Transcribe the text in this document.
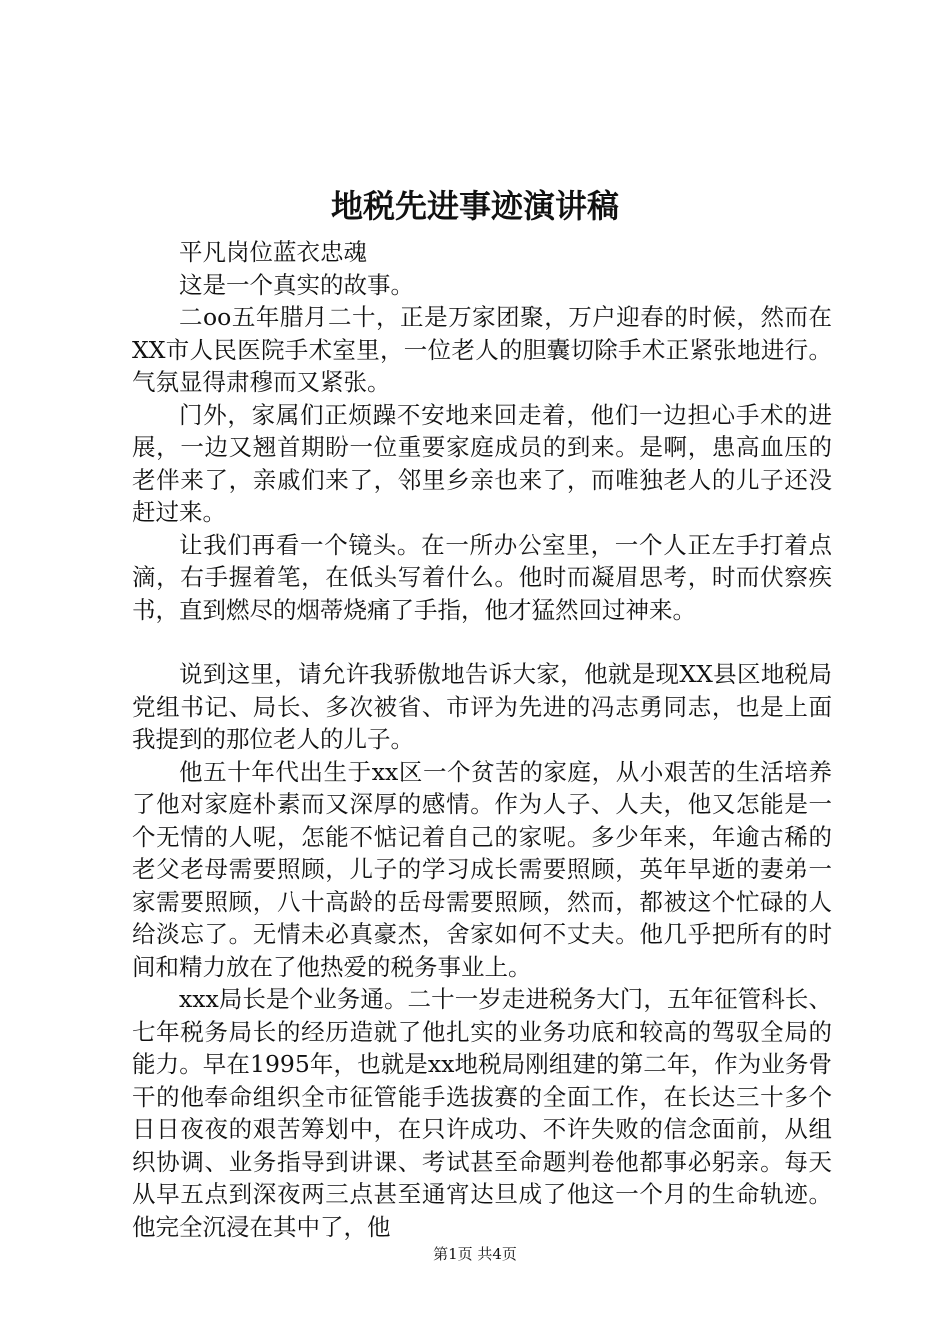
地税先进事迹演讲稿

平凡岗位蓝衣忠魂

这是一个真实的故事。

二oo五年腊月二十，正是万家团聚，万户迎春的时候，然而在XX市人民医院手术室里，一位老人的胆囊切除手术正紧张地进行。气氛显得肃穆而又紧张。

门外，家属们正烦躁不安地来回走着，他们一边担心手术的进展，一边又翘首期盼一位重要家庭成员的到来。是啊，患高血压的老伴来了，亲戚们来了，邻里乡亲也来了，而唯独老人的儿子还没赶过来。

让我们再看一个镜头。在一所办公室里，一个人正左手打着点滴，右手握着笔，在低头写着什么。他时而凝眉思考，时而伏察疾书，直到燃尽的烟蒂烧痛了手指，他才猛然回过神来。

说到这里，请允许我骄傲地告诉大家，他就是现XX县区地税局党组书记、局长、多次被省、市评为先进的冯志勇同志，也是上面我提到的那位老人的儿子。

他五十年代出生于xx区一个贫苦的家庭，从小艰苦的生活培养了他对家庭朴素而又深厚的感情。作为人子、人夫，他又怎能是一个无情的人呢，怎能不惦记着自己的家呢。多少年来，年逾古稀的老父老母需要照顾，儿子的学习成长需要照顾，英年早逝的妻弟一家需要照顾，八十高龄的岳母需要照顾，然而，都被这个忙碌的人给淡忘了。无情未必真豪杰，舍家如何不丈夫。他几乎把所有的时间和精力放在了他热爱的税务事业上。

xxx局长是个业务通。二十一岁走进税务大门，五年征管科长、七年税务局长的经历造就了他扎实的业务功底和较高的驾驭全局的能力。早在1995年，也就是xx地税局刚组建的第二年，作为业务骨干的他奉命组织全市征管能手选拔赛的全面工作，在长达三十多个日日夜夜的艰苦筹划中，在只许成功、不许失败的信念面前，从组织协调、业务指导到讲课、考试甚至命题判卷他都事必躬亲。每天从早五点到深夜两三点甚至通宵达旦成了他这一个月的生命轨迹。他完全沉浸在其中了，他

第1页 共4页
